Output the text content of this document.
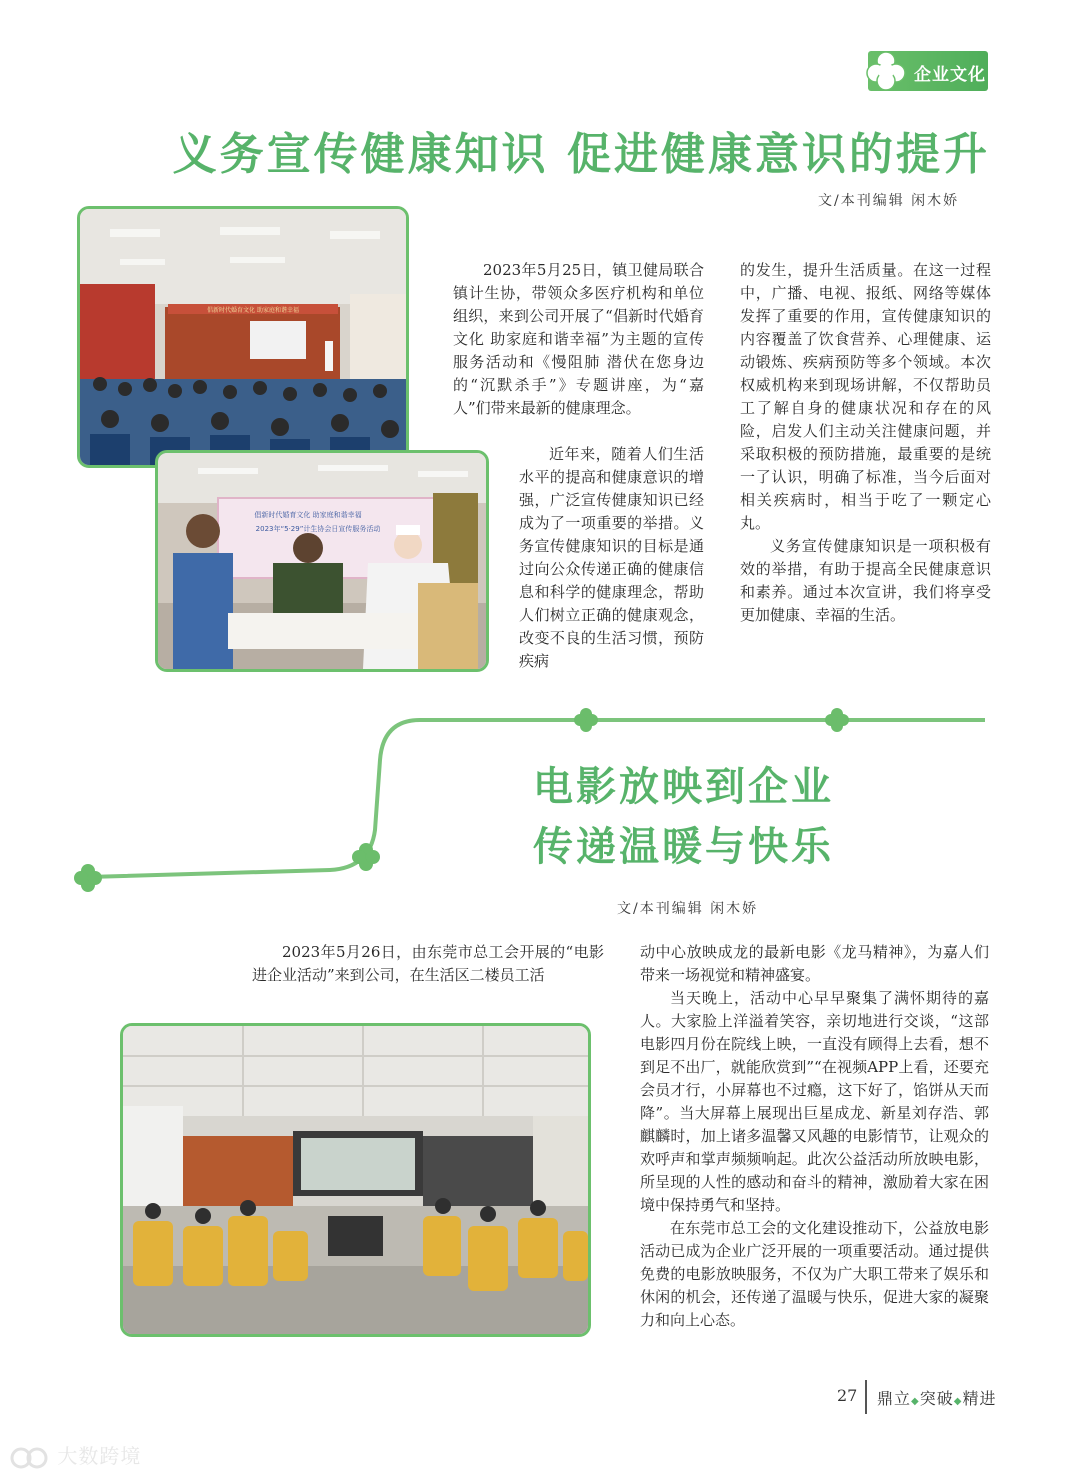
企业文化
义务宣传健康知识 促进健康意识的提升
文/本刊编辑 闲木娇
倡新时代婚育文化 助家庭和谐幸福
倡新时代婚育文化 助家庭和谐幸福
2023年“5·29”计生协会日宣传服务活动

2023年5月25日，镇卫健局联合镇计生协，带领众多医疗机构和单位组织，来到公司开展了“倡新时代婚育文化 助家庭和谐幸福”为主题的宣传服务活动和《慢阻肺 潜伏在您身边的“沉默杀手”》专题讲座，为“嘉人”们带来最新的健康理念。

近年来，随着人们生活水平的提高和健康意识的增强，广泛宣传健康知识已经成为了一项重要的举措。义务宣传健康知识的目标是通过向公众传递正确的健康信息和科学的健康理念，帮助人们树立正确的健康观念，改变不良的生活习惯，预防疾病

的发生，提升生活质量。在这一过程中，广播、电视、报纸、网络等媒体发挥了重要的作用，宣传健康知识的内容覆盖了饮食营养、心理健康、运动锻炼、疾病预防等多个领域。本次权威机构来到现场讲解，不仅帮助员工了解自身的健康状况和存在的风险，启发人们主动关注健康问题，并采取积极的预防措施，最重要的是统一了认识，明确了标准，当今后面对相关疾病时，相当于吃了一颗定心丸。

义务宣传健康知识是一项积极有效的举措，有助于提高全民健康意识和素养。通过本次宣讲，我们将享受更加健康、幸福的生活。

电影放映到企业
传递温暖与快乐
文/本刊编辑 闲木娇

2023年5月26日，由东莞市总工会开展的“电影进企业活动”来到公司，在生活区二楼员工活

动中心放映成龙的最新电影《龙马精神》，为嘉人们带来一场视觉和精神盛宴。

当天晚上，活动中心早早聚集了满怀期待的嘉人。大家脸上洋溢着笑容，亲切地进行交谈，“这部电影四月份在院线上映，一直没有顾得上去看，想不到足不出厂，就能欣赏到”“在视频APP上看，还要充会员才行，小屏幕也不过瘾，这下好了，馅饼从天而降”。当大屏幕上展现出巨星成龙、新星刘存浩、郭麒麟时，加上诸多温馨又风趣的电影情节，让观众的欢呼声和掌声频频响起。此次公益活动所放映电影，所呈现的人性的感动和奋斗的精神，激励着大家在困境中保持勇气和坚持。

在东莞市总工会的文化建设推动下，公益放电影活动已成为企业广泛开展的一项重要活动。通过提供免费的电影放映服务，不仅为广大职工带来了娱乐和休闲的机会，还传递了温暖与快乐，促进大家的凝聚力和向上心态。

27 鼎立◆突破◆精进
大数跨境
